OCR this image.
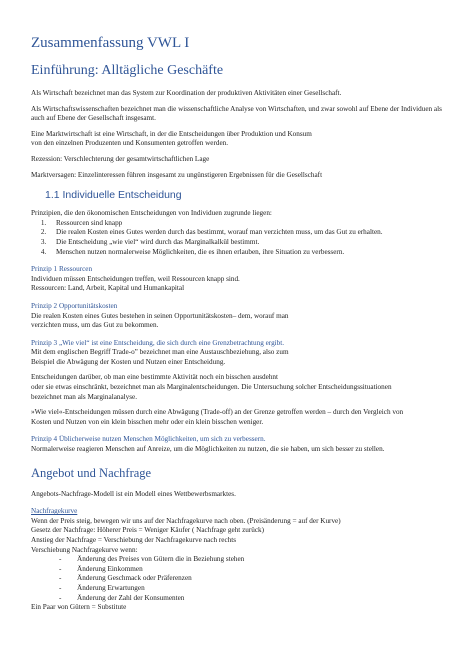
Zusammenfassung VWL I
Einführung: Alltägliche Geschäfte

Als Wirtschaft bezeichnet man das System zur Koordination der produktiven Aktivitäten einer Gesellschaft.

Als Wirtschaftswissenschaften bezeichnet man die wissenschaftliche Analyse von Wirtschaften, und zwar sowohl auf Ebene der Individuen als auch auf Ebene der Gesellschaft insgesamt.

Eine Marktwirtschaft ist eine Wirtschaft, in der die Entscheidungen über Produktion und Konsum von den einzelnen Produzenten und Konsumenten getroffen werden.

Rezession: Verschlechterung der gesamtwirtschaftlichen Lage

Marktversagen: Einzelinteressen führen insgesamt zu ungünstigeren Ergebnissen für die Gesellschaft

1.1 Individuelle Entscheidung

Prinzipien, die den ökonomischen Entscheidungen von Individuen zugrunde liegen:

1. Ressourcen sind knapp
2. Die realen Kosten eines Gutes werden durch das bestimmt, worauf man verzichten muss, um das Gut zu erhalten.
3. Die Entscheidung „wie viel“ wird durch das Marginalkalkül bestimmt.
4. Menschen nutzen normalerweise Möglichkeiten, die es ihnen erlauben, ihre Situation zu verbessern.

Prinzip 1 Ressourcen

Individuen müssen Entscheidungen treffen, weil Ressourcen knapp sind.
Ressourcen: Land, Arbeit, Kapital und Humankapital

Prinzip 2 Opportunitätskosten

Die realen Kosten eines Gutes bestehen in seinen Opportunitätskosten– dem, worauf man
verzichten muss, um das Gut zu bekommen.

Prinzip 3 „Wie viel“ ist eine Entscheidung, die sich durch eine Grenzbetrachtung ergibt.

Mit dem englischen Begriff Trade-o” bezeichnet man eine Austauschbeziehung, also zum
Beispiel die Abwägung der Kosten und Nutzen einer Entscheidung.

Entscheidungen darüber, ob man eine bestimmte Aktivität noch ein bisschen ausdehnt
oder sie etwas einschränkt, bezeichnet man als Marginalentscheidungen. Die Untersuchung solcher Entscheidungssituationen
bezeichnet man als Marginalanalyse.

»Wie viel«-Entscheidungen müssen durch eine Abwägung (Trade-off) an der Grenze getroffen werden – durch den Vergleich von
Kosten und Nutzen von ein klein bisschen mehr oder ein klein bisschen weniger.

Prinzip 4 Üblicherweise nutzen Menschen Möglichkeiten, um sich zu verbessern.

Normalerweise reagieren Menschen auf Anreize, um die Möglichkeiten zu nutzen, die sie haben, um sich besser zu stellen.

Angebot und Nachfrage

Angebots-Nachfrage-Modell ist ein Modell eines Wettbewerbsmarktes.

Nachfragekurve

Wenn der Preis steig, bewegen wir uns auf der Nachfragekurve nach oben. (Preisänderung = auf der Kurve)
Gesetz der Nachfrage: Höherer Preis = Weniger Käufer ( Nachfrage geht zurück)
Anstieg der Nachfrage = Verschiebung der Nachfragekurve nach rechts
Verschiebung Nachfragekurve wenn:

- Änderung des Preises von Gütern die in Beziehung stehen
- Änderung Einkommen
- Änderung Geschmack oder Präferenzen
- Änderung Erwartungen
- Änderung der Zahl der Konsumenten

Ein Paar von Gütern = Substitute
